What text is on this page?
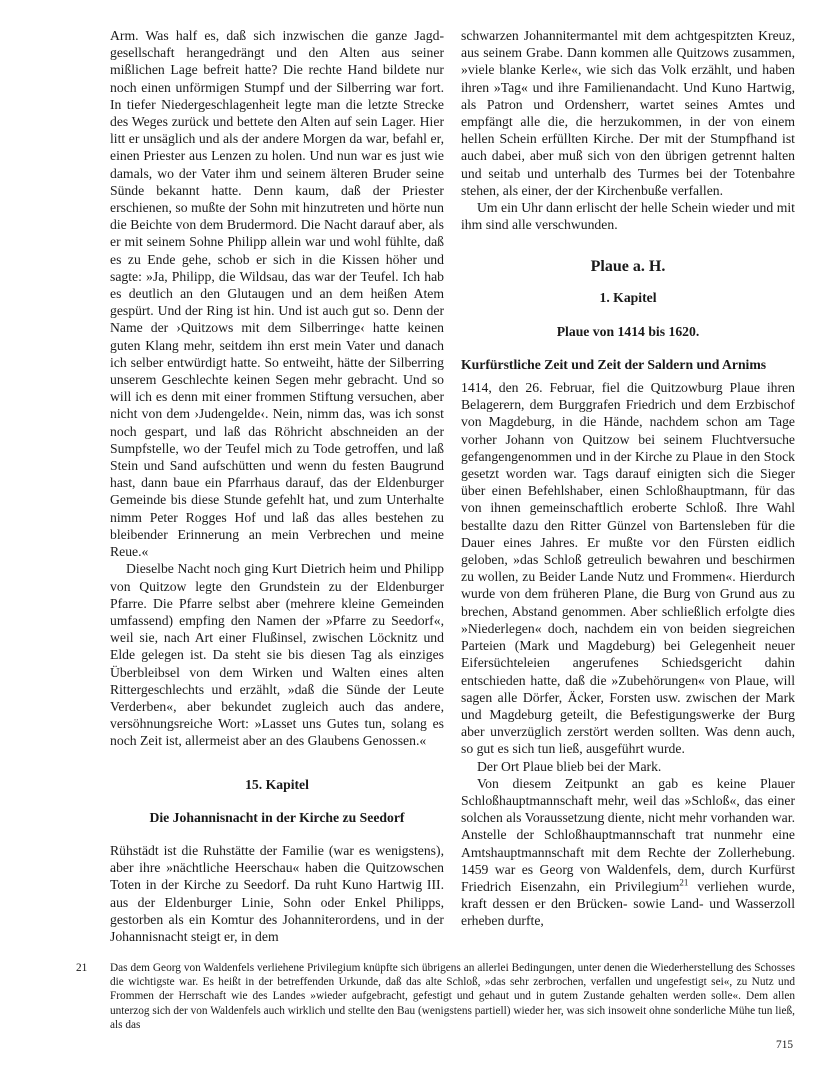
Arm. Was half es, daß sich inzwischen die ganze Jagdgesellschaft herangedrängt und den Alten aus seiner mißlichen Lage befreit hatte? Die rechte Hand bildete nur noch einen unförmigen Stumpf und der Silberring war fort. In tiefer Niedergeschlagenheit legte man die letzte Strecke des Weges zurück und bettete den Alten auf sein Lager. Hier litt er unsäglich und als der andere Morgen da war, befahl er, einen Priester aus Lenzen zu holen. Und nun war es just wie damals, wo der Vater ihm und seinem älteren Bruder seine Sünde bekannt hatte. Denn kaum, daß der Priester erschienen, so mußte der Sohn mit hinzutreten und hörte nun die Beichte von dem Brudermord. Die Nacht darauf aber, als er mit seinem Sohne Philipp allein war und wohl fühlte, daß es zu Ende gehe, schob er sich in die Kissen höher und sagte: »Ja, Philipp, die Wildsau, das war der Teufel. Ich hab es deutlich an den Glutaugen und an dem heißen Atem gespürt. Und der Ring ist hin. Und ist auch gut so. Denn der Name der ›Quitzows mit dem Silberringe‹ hatte keinen guten Klang mehr, seitdem ihn erst mein Vater und danach ich selber entwürdigt hatte. So entweiht, hätte der Silberring unserem Geschlechte keinen Segen mehr gebracht. Und so will ich es denn mit einer frommen Stiftung versuchen, aber nicht von dem ›Judengelde‹. Nein, nimm das, was ich sonst noch gespart, und laß das Röhricht abschneiden an der Sumpfstelle, wo der Teufel mich zu Tode getroffen, und laß Stein und Sand aufschütten und wenn du festen Baugrund hast, dann baue ein Pfarrhaus darauf, das der Eldenburger Gemeinde bis diese Stunde gefehlt hat, und zum Unterhalte nimm Peter Rogges Hof und laß das alles bestehen zu bleibender Erinnerung an mein Verbrechen und meine Reue.«

Dieselbe Nacht noch ging Kurt Dietrich heim und Philipp von Quitzow legte den Grundstein zu der Eldenburger Pfarre. Die Pfarre selbst aber (mehrere kleine Gemeinden umfassend) empfing den Namen der »Pfarre zu Seedorf«, weil sie, nach Art einer Flußinsel, zwischen Löcknitz und Elde gelegen ist. Da steht sie bis diesen Tag als einziges Überbleibsel von dem Wirken und Walten eines alten Rittergeschlechts und erzählt, »daß die Sünde der Leute Verderben«, aber bekundet zugleich auch das andere, versöhnungsreiche Wort: »Lasset uns Gutes tun, solang es noch Zeit ist, allermeist aber an des Glaubens Genossen.«

15. Kapitel
Die Johannisnacht in der Kirche zu Seedorf

Rühstädt ist die Ruhstätte der Familie (war es wenigstens), aber ihre »nächtliche Heerschau« haben die Quitzowschen Toten in der Kirche zu Seedorf. Da ruht Kuno Hartwig III. aus der Eldenburger Linie, Sohn oder Enkel Philipps, gestorben als ein Komtur des Johanniterordens, und in der Johannisnacht steigt er, in dem

schwarzen Johannitermantel mit dem achtgespitzten Kreuz, aus seinem Grabe. Dann kommen alle Quitzows zusammen, »viele blanke Kerle«, wie sich das Volk erzählt, und haben ihren »Tag« und ihre Familienandacht. Und Kuno Hartwig, als Patron und Ordensherr, wartet seines Amtes und empfängt alle die, die herzukommen, in der von einem hellen Schein erfüllten Kirche. Der mit der Stumpfhand ist auch dabei, aber muß sich von den übrigen getrennt halten und seitab und unterhalb des Turmes bei der Totenbahre stehen, als einer, der der Kirchenbuße verfallen.

Um ein Uhr dann erlischt der helle Schein wieder und mit ihm sind alle verschwunden.

Plaue a. H.
1. Kapitel
Plaue von 1414 bis 1620.
Kurfürstliche Zeit und Zeit der Saldern und Arnims

1414, den 26. Februar, fiel die Quitzowburg Plaue ihren Belagerern, dem Burggrafen Friedrich und dem Erzbischof von Magdeburg, in die Hände, nachdem schon am Tage vorher Johann von Quitzow bei seinem Fluchtversuche gefangengenommen und in der Kirche zu Plaue in den Stock gesetzt worden war. Tags darauf einigten sich die Sieger über einen Befehlshaber, einen Schloßhauptmann, für das von ihnen gemeinschaftlich eroberte Schloß. Ihre Wahl bestallte dazu den Ritter Günzel von Bartensleben für die Dauer eines Jahres. Er mußte vor den Fürsten eidlich geloben, »das Schloß getreulich bewahren und beschirmen zu wollen, zu Beider Lande Nutz und Frommen«. Hierdurch wurde von dem früheren Plane, die Burg von Grund aus zu brechen, Abstand genommen. Aber schließlich erfolgte dies »Niederlegen« doch, nachdem ein von beiden siegreichen Parteien (Mark und Magdeburg) bei Gelegenheit neuer Eifersüchteleien angerufenes Schiedsgericht dahin entschieden hatte, daß die »Zubehörungen« von Plaue, will sagen alle Dörfer, Äcker, Forsten usw. zwischen der Mark und Magdeburg geteilt, die Befestigungswerke der Burg aber unverzüglich zerstört werden sollten. Was denn auch, so gut es sich tun ließ, ausgeführt wurde.

Der Ort Plaue blieb bei der Mark.

Von diesem Zeitpunkt an gab es keine Plauer Schloßhauptmannschaft mehr, weil das »Schloß«, das einer solchen als Voraussetzung diente, nicht mehr vorhanden war. Anstelle der Schloßhauptmannschaft trat nunmehr eine Amtshauptmannschaft mit dem Rechte der Zollerhebung. 1459 war es Georg von Waldenfels, dem, durch Kurfürst Friedrich Eisenzahn, ein Privilegium$^{21}$ verliehen wurde, kraft dessen er den Brücken- sowie Land- und Wasserzoll erheben durfte,

21 Das dem Georg von Waldenfels verliehene Privilegium knüpfte sich übrigens an allerlei Bedingungen, unter denen die Wiederherstellung des Schosses die wichtigste war. Es heißt in der betreffenden Urkunde, daß das alte Schloß, »das sehr zerbrochen, verfallen und ungefestigt sei«, zu Nutz und Frommen der Herrschaft wie des Landes »wieder aufgebracht, gefestigt und gehaut und in gutem Zustande gehalten werden solle«. Dem allen unterzog sich der von Waldenfels auch wirklich und stellte den Bau (wenigstens partiell) wieder her, was sich insoweit ohne sonderliche Mühe tun ließ, als das
715
